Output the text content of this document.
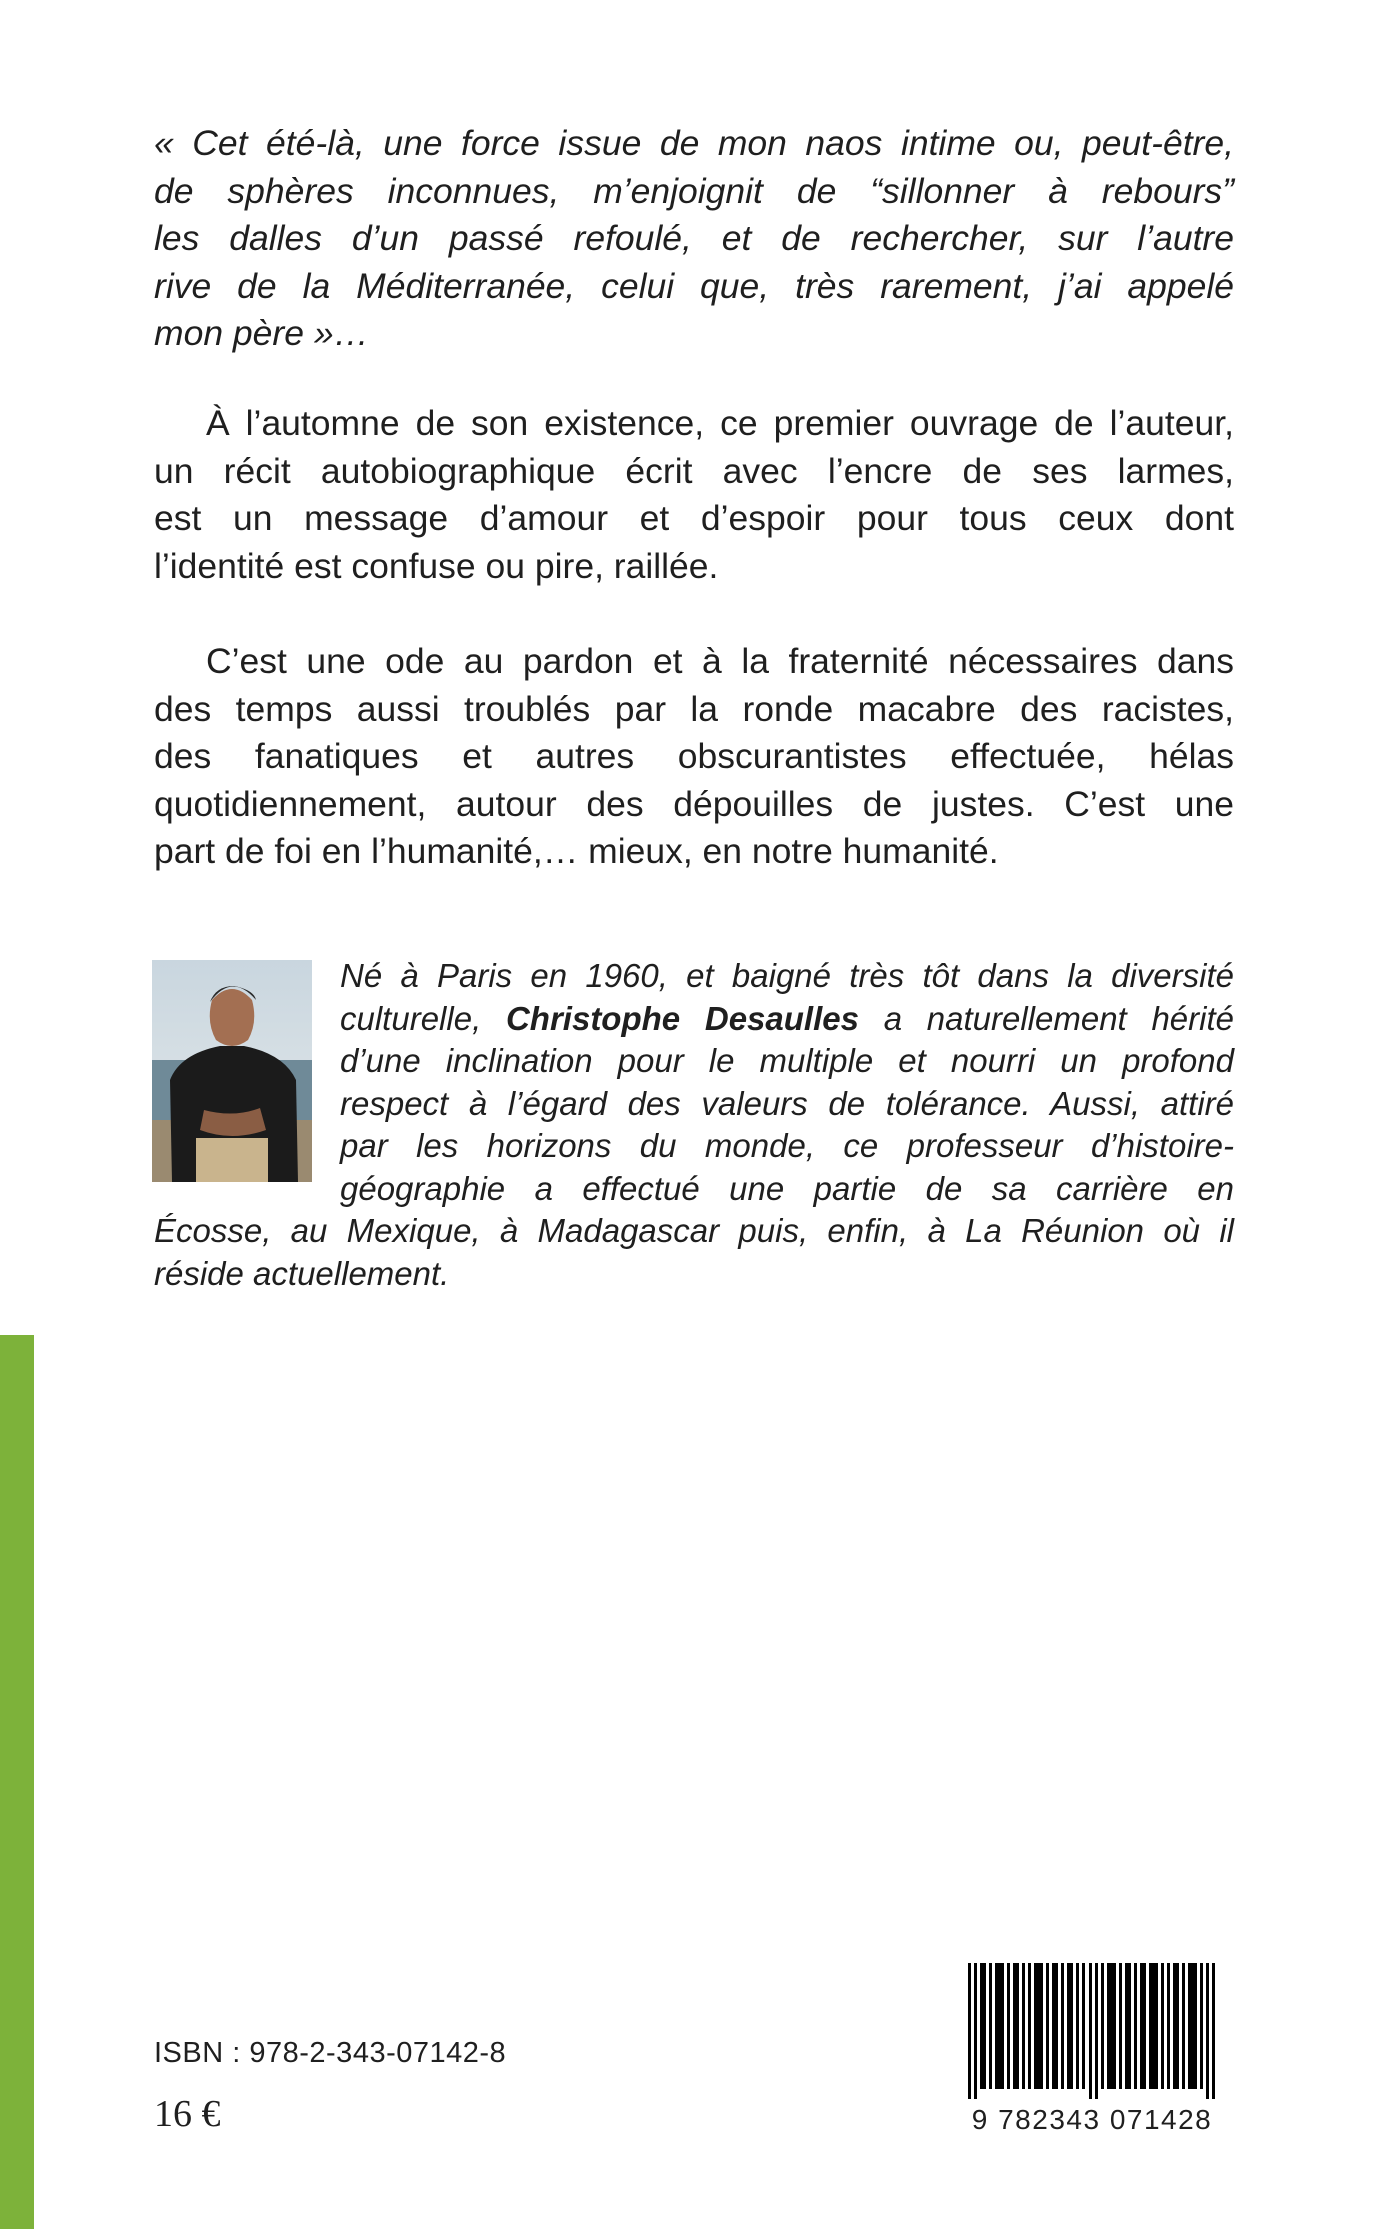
« Cet été-là, une force issue de mon naos intime ou, peut-être,
de sphères inconnues, m’enjoignit de “sillonner à rebours”
les dalles d’un passé refoulé, et de rechercher, sur l’autre
rive de la Méditerranée, celui que, très rarement, j’ai appelé
mon père »…
À l’automne de son existence, ce premier ouvrage de l’auteur,
un récit autobiographique écrit avec l’encre de ses larmes,
est un message d’amour et d’espoir pour tous ceux dont
l’identité est confuse ou pire, raillée.
C’est une ode au pardon et à la fraternité nécessaires dans
des temps aussi troublés par la ronde macabre des racistes,
des fanatiques et autres obscurantistes effectuée, hélas
quotidiennement, autour des dépouilles de justes. C’est une
part de foi en l’humanité,… mieux, en notre humanité.
Né à Paris en 1960, et baigné très tôt dans la diversité
culturelle, Christophe Desaulles a naturellement hérité
d’une inclination pour le multiple et nourri un profond
respect à l’égard des valeurs de tolérance. Aussi, attiré
par les horizons du monde, ce professeur d’histoire-
géographie a effectué une partie de sa carrière en
Écosse, au Mexique, à Madagascar puis, enfin, à La Réunion où il
réside actuellement.
ISBN : 978-2-343-07142-8
16 €	9 782343 071428
